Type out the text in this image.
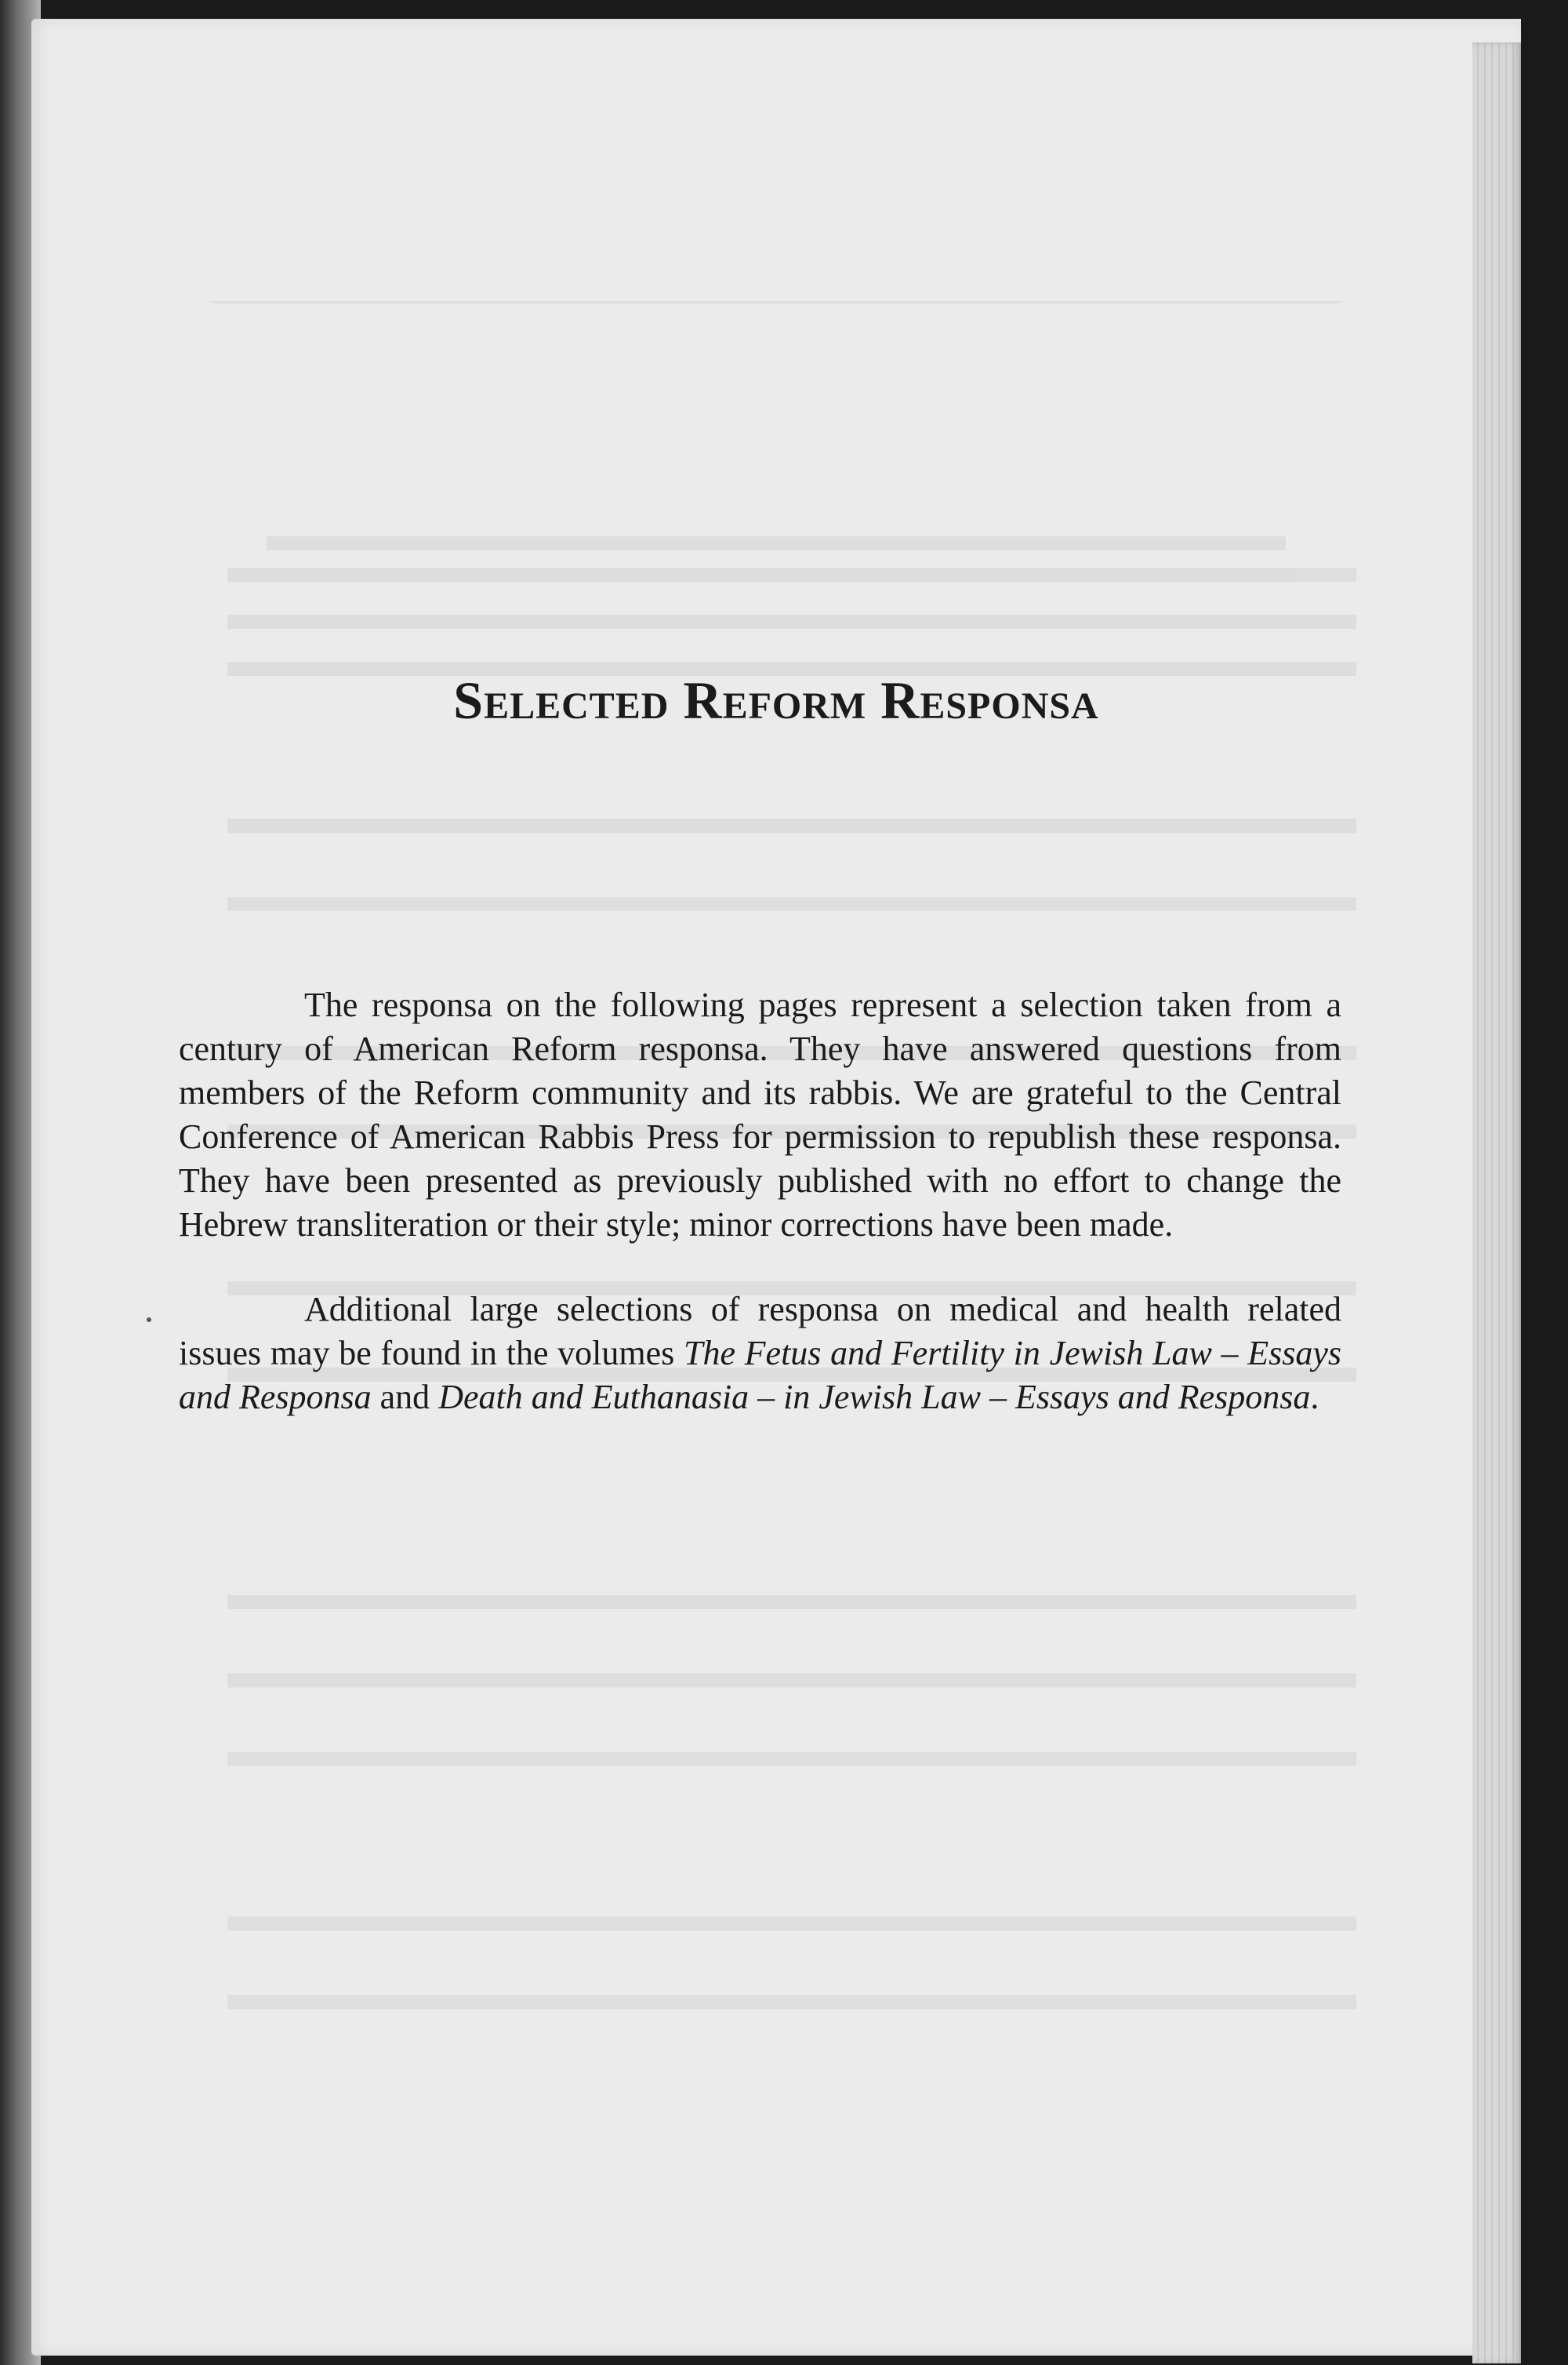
Selected Reform Responsa

The responsa on the following pages represent a selection taken from a century of American Reform responsa. They have answered questions from members of the Reform community and its rabbis. We are grateful to the Central Conference of American Rabbis Press for permission to republish these responsa. They have been presented as previously published with no effort to change the Hebrew transliteration or their style; minor corrections have been made.

Additional large selections of responsa on medical and health related issues may be found in the volumes The Fetus and Fertility in Jewish Law – Essays and Responsa and Death and Euthanasia – in Jewish Law – Essays and Responsa.
